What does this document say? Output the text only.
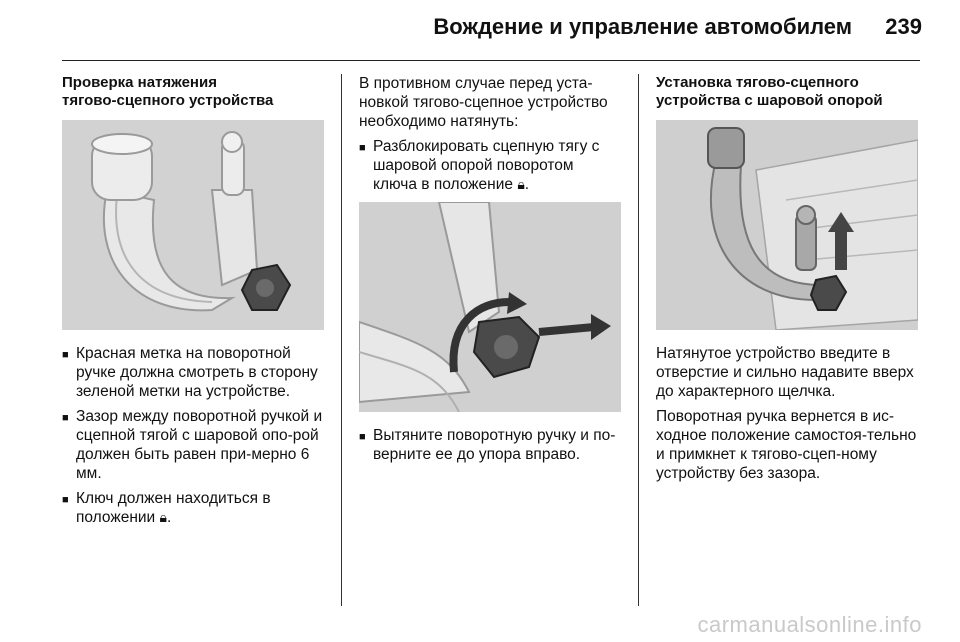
Вождение и управление автомобилем 239
Проверка натяжения
тягово-сцепного устройства
■ Красная метка на поворотной ручке должна смотреть в сторону зеленой метки на устройстве.
■ Зазор между поворотной ручкой и сцепной тягой с шаровой опо-рой должен быть равен при-мерно 6 мм.
■ Ключ должен находиться в положении 🔒︎.

В противном случае перед уста-новкой тягово-сцепное устройство необходимо натянуть:

■ Разблокировать сцепную тягу с шаровой опорой поворотом ключа в положение 🔒︎.
■ Вытяните поворотную ручку и по-верните ее до упора вправо.
Установка тягово-сцепного
устройства с шаровой опорой

Натянутое устройство введите в отверстие и сильно надавите вверх до характерного щелчка.

Поворотная ручка вернется в ис-ходное положение самостоя-тельно и примкнет к тягово-сцеп-ному устройству без зазора.

carmanualsonline.info
